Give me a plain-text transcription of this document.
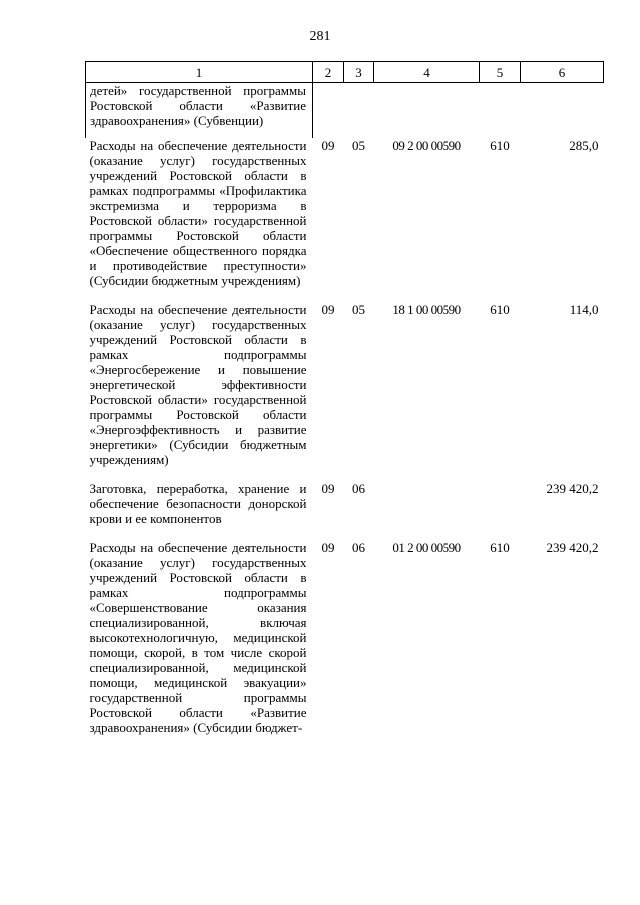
281
1	2	3	4	5	6
детей» государственной программы Ростовской области «Развитие здравоохранения» (Субвенции)					
Расходы на обеспечение деятельности (оказание услуг) государственных учреждений Ростовской области в рамках подпрограммы «Профилактика экстремизма и терроризма в Ростовской области» государственной программы Ростовской области «Обеспечение общественного порядка и противодействие преступности» (Субсидии бюджетным учреждениям)	09	05	09 2 00 00590	610	285,0
Расходы на обеспечение деятельности (оказание услуг) государственных учреждений Ростовской области в рамках подпрограммы «Энергосбережение и повышение энергетической эффективности Ростовской области» государственной программы Ростовской области «Энергоэффективность и развитие энергетики» (Субсидии бюджетным учреждениям)	09	05	18 1 00 00590	610	114,0
Заготовка, переработка, хранение и обеспечение безопасности донорской крови и ее компонентов	09	06			239 420,2
Расходы на обеспечение деятельности (оказание услуг) государственных учреждений Ростовской области в рамках подпрограммы «Совершенствование оказания специализированной, включая высокотехнологичную, медицинской помощи, скорой, в том числе скорой специализированной, медицинской помощи, медицинской эвакуации» государственной программы Ростовской области «Развитие здравоохранения» (Субсидии бюджет-	09	06	01 2 00 00590	610	239 420,2
